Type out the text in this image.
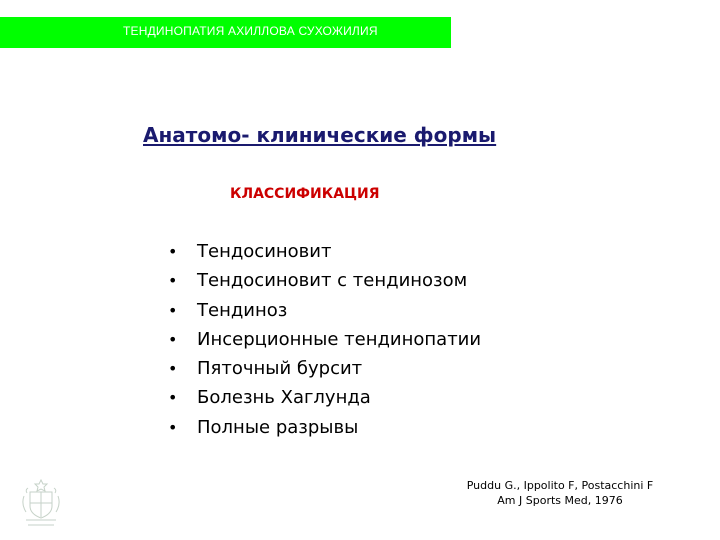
ТЕНДИНОПАТИЯ АХИЛЛОВА СУХОЖИЛИЯ
Анатомо- клинические формы
КЛАССИФИКАЦИЯ
• Тендосиновит
• Тендосиновит с тендинозом
• Тендиноз
• Инсерционные тендинопатии
• Пяточный бурсит
• Болезнь Хаглунда
• Полные разрывы
Puddu G., Ippolito F, Postacchini F
Am J Sports Med, 1976
